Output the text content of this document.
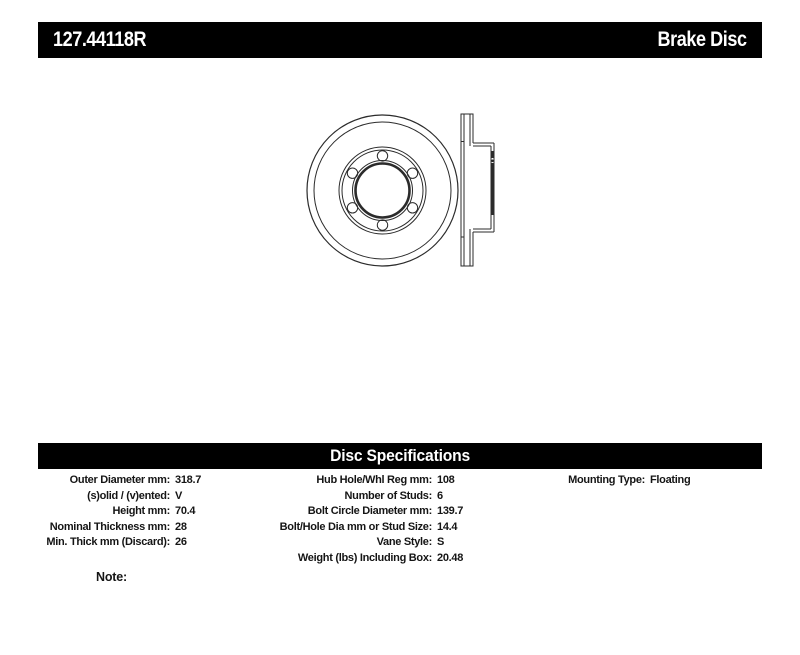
127.44118R	Brake Disc
Disc Specifications
Outer Diameter mm: 318.7
(s)olid / (v)ented: V
Height mm: 70.4
Nominal Thickness mm: 28
Min. Thick mm (Discard): 26
Hub Hole/Whl Reg mm: 108
Number of Studs: 6
Bolt Circle Diameter mm: 139.7
Bolt/Hole Dia mm or Stud Size: 14.4
Vane Style: S
Weight (lbs) Including Box: 20.48
Mounting Type: Floating
Note:
